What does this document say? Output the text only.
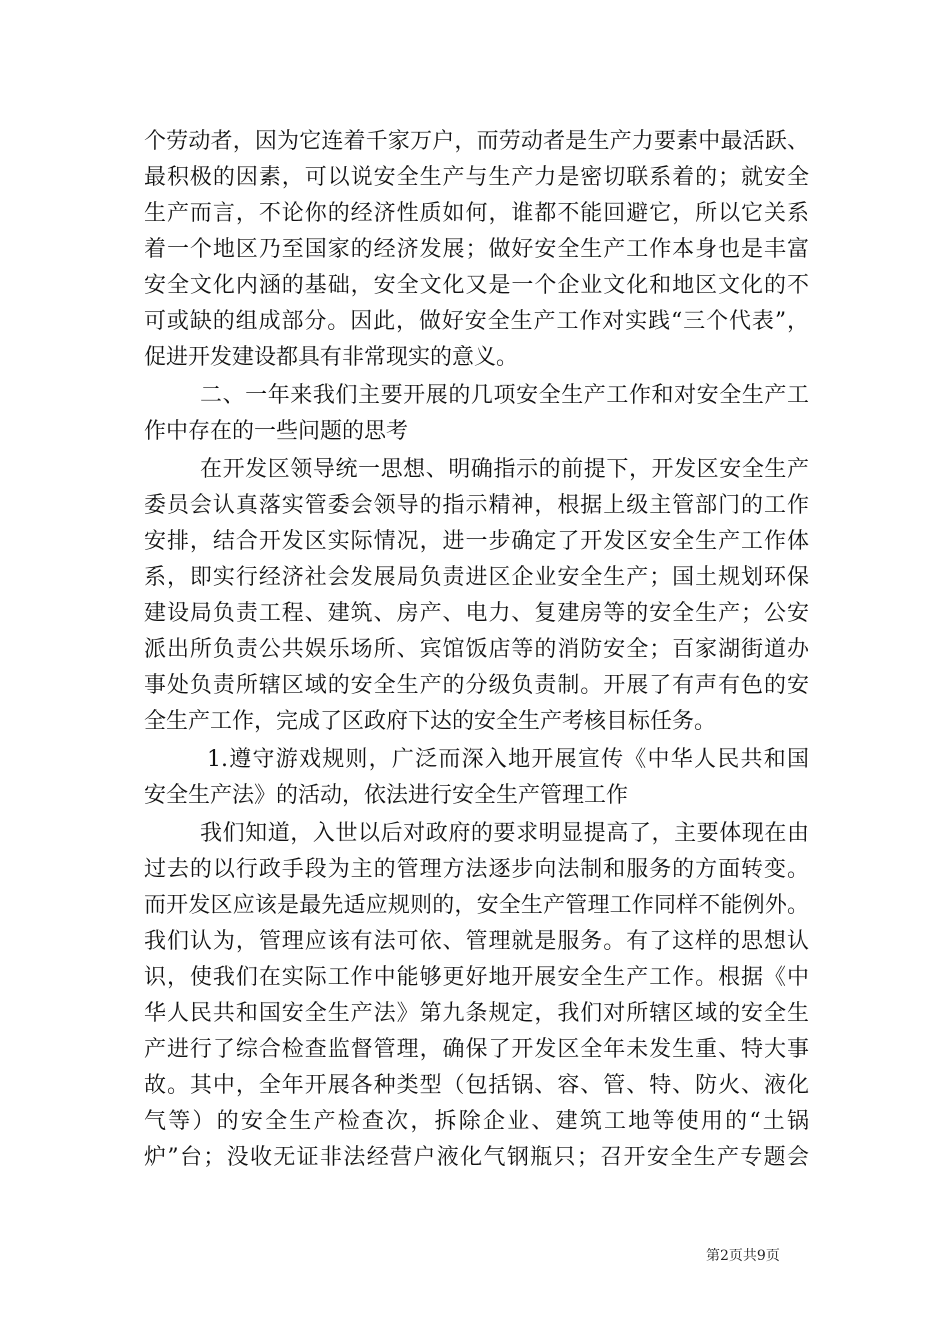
个劳动者，因为它连着千家万户，而劳动者是生产力要素中最活跃、
最积极的因素，可以说安全生产与生产力是密切联系着的；就安全
生产而言，不论你的经济性质如何，谁都不能回避它，所以它关系
着一个地区乃至国家的经济发展；做好安全生产工作本身也是丰富
安全文化内涵的基础，安全文化又是一个企业文化和地区文化的不
可或缺的组成部分。因此，做好安全生产工作对实践“三个代表”，
促进开发建设都具有非常现实的意义。
二、一年来我们主要开展的几项安全生产工作和对安全生产工
作中存在的一些问题的思考
在开发区领导统一思想、明确指示的前提下，开发区安全生产
委员会认真落实管委会领导的指示精神，根据上级主管部门的工作
安排，结合开发区实际情况，进一步确定了开发区安全生产工作体
系，即实行经济社会发展局负责进区企业安全生产；国土规划环保
建设局负责工程、建筑、房产、电力、复建房等的安全生产；公安
派出所负责公共娱乐场所、宾馆饭店等的消防安全；百家湖街道办
事处负责所辖区域的安全生产的分级负责制。开展了有声有色的安
全生产工作，完成了区政府下达的安全生产考核目标任务。
1.遵守游戏规则，广泛而深入地开展宣传《中华人民共和国
安全生产法》的活动，依法进行安全生产管理工作
我们知道，入世以后对政府的要求明显提高了，主要体现在由
过去的以行政手段为主的管理方法逐步向法制和服务的方面转变。
而开发区应该是最先适应规则的，安全生产管理工作同样不能例外。
我们认为，管理应该有法可依、管理就是服务。有了这样的思想认
识，使我们在实际工作中能够更好地开展安全生产工作。根据《中
华人民共和国安全生产法》第九条规定，我们对所辖区域的安全生
产进行了综合检查监督管理，确保了开发区全年未发生重、特大事
故。其中，全年开展各种类型（包括锅、容、管、特、防火、液化
气等）的安全生产检查次，拆除企业、建筑工地等使用的“土锅
炉”台；没收无证非法经营户液化气钢瓶只；召开安全生产专题会
第2页共9页
